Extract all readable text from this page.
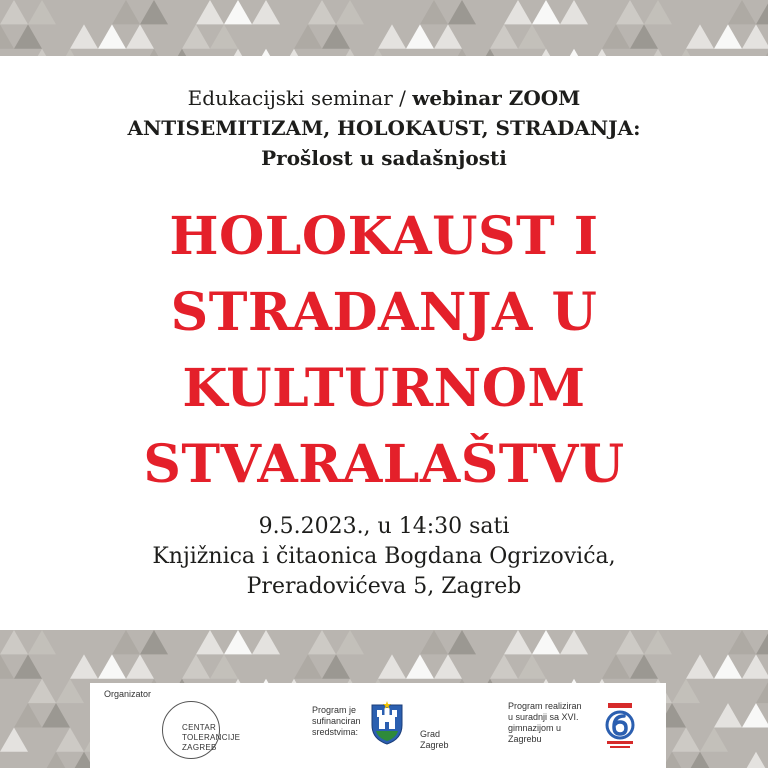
Edukacijski seminar / webinar ZOOM
ANTISEMITIZAM, HOLOKAUST, STRADANJA:
Prošlost u sadašnjosti
HOLOKAUST I
STRADANJA U
KULTURNOM
STVARALAŠTVU
9.5.2023., u 14:30 sati
Knjižnica i čitaonica Bogdana Ogrizovića,
Preradovićeva 5, Zagreb
Organizator
CENTAR
TOLERANCIJE
ZAGREB
Program je
sufinanciran
sredstvima:	Grad
Zagreb
Program realiziran
u suradnji sa XVI.
gimnazijom u
Zagrebu
